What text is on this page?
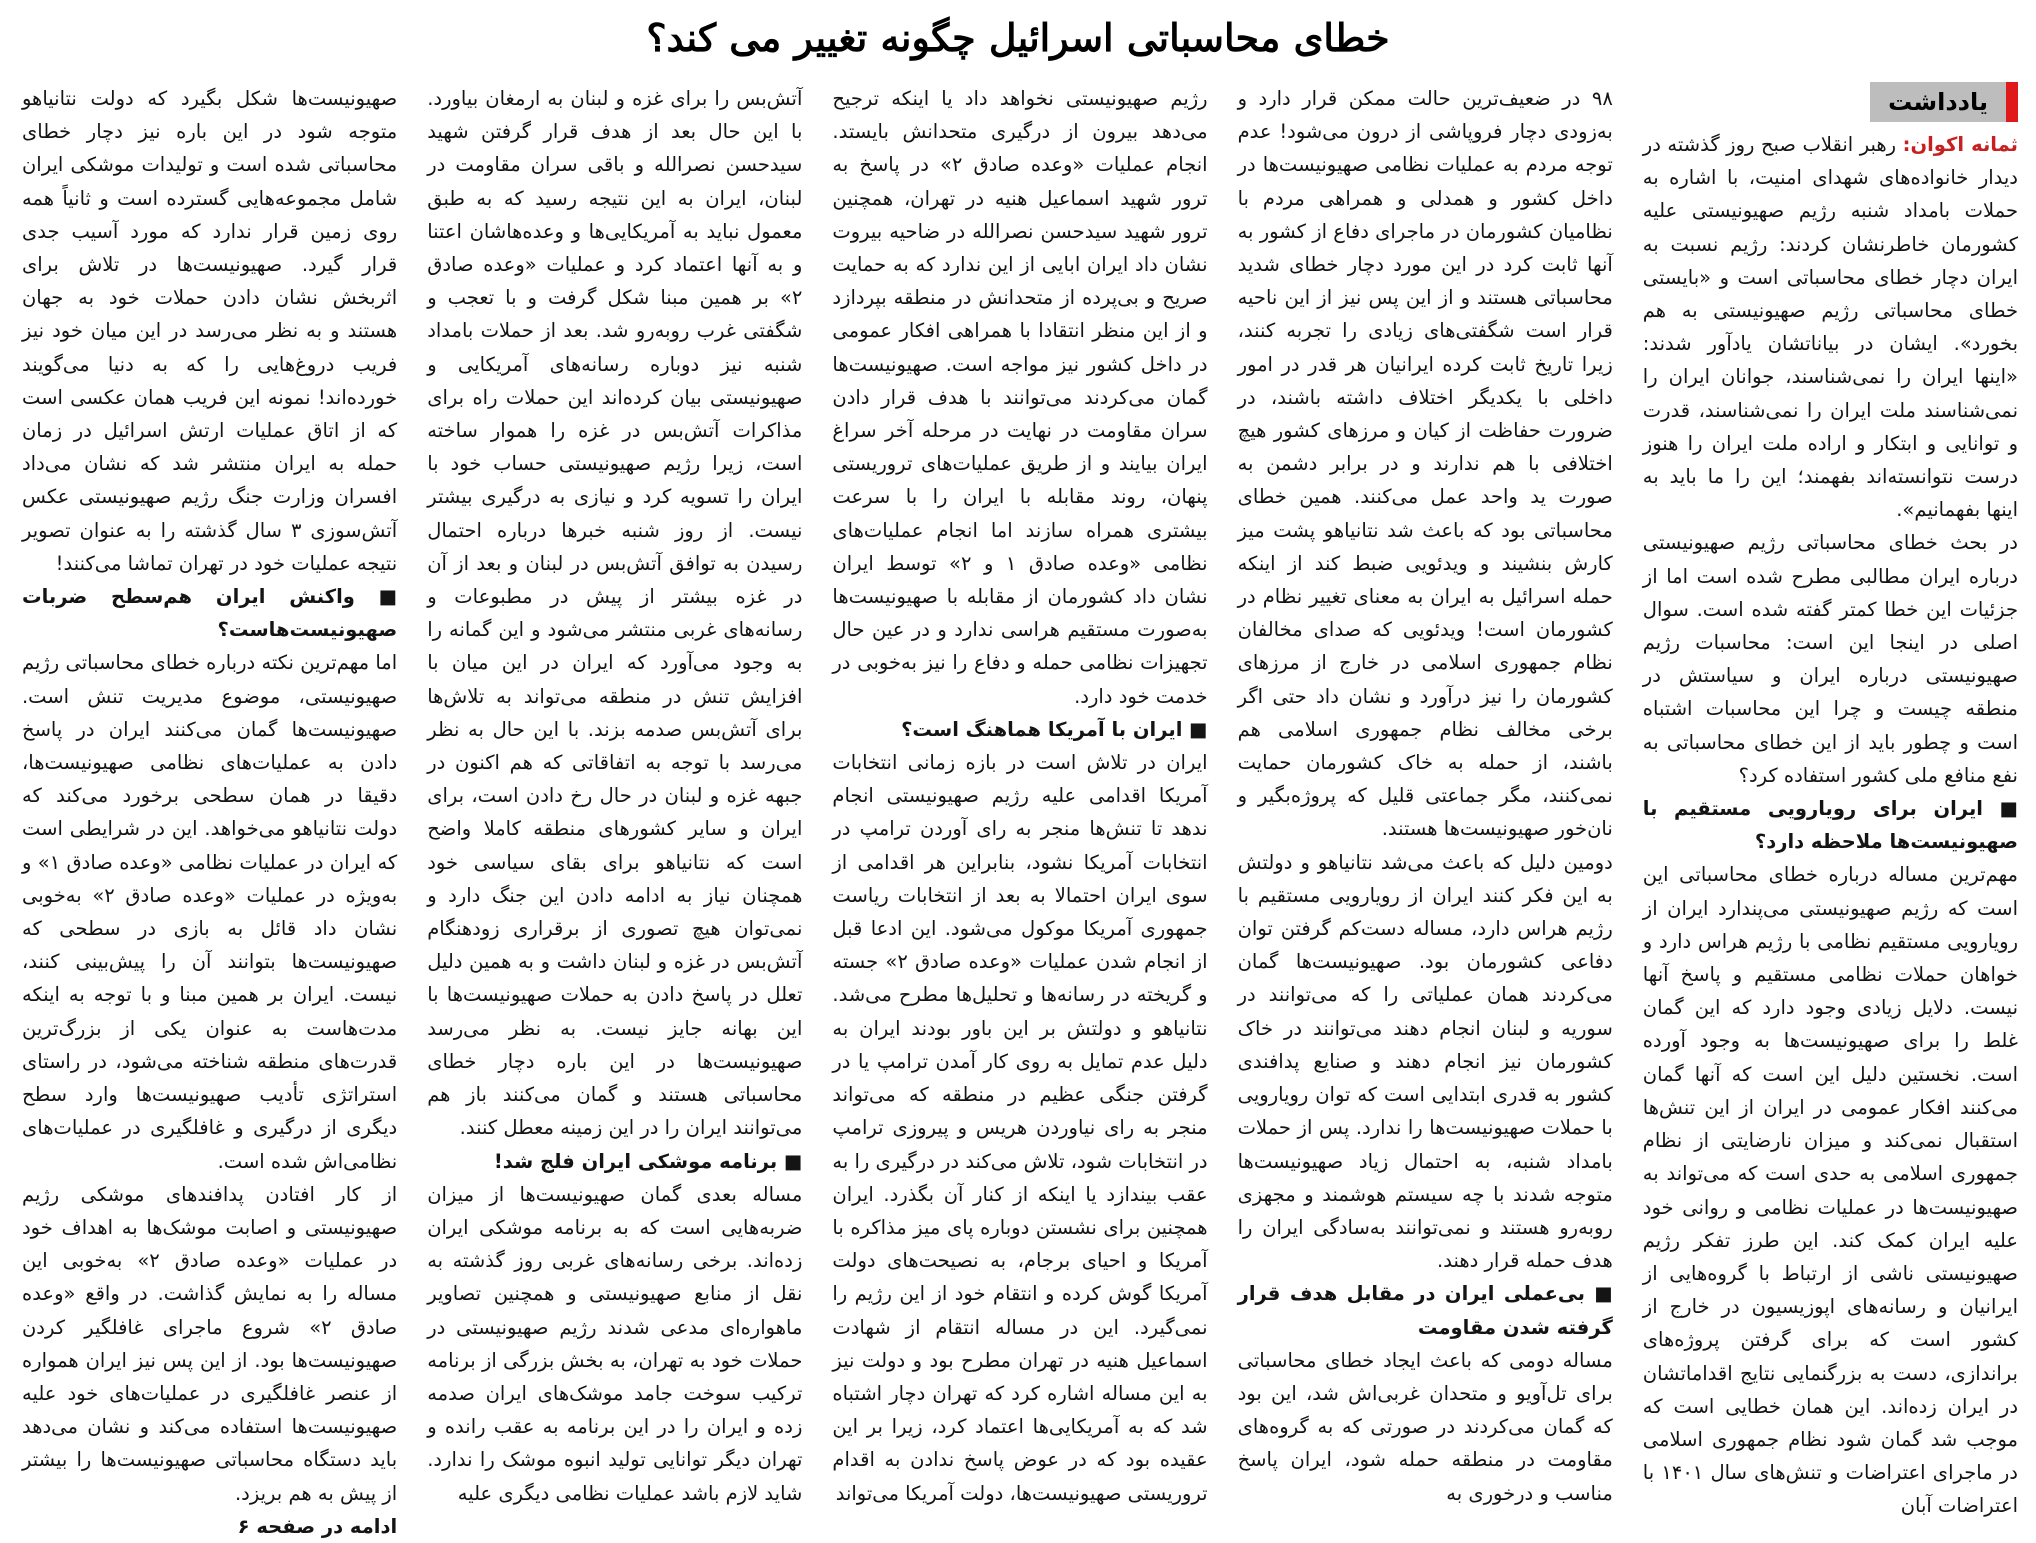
خطای محاسباتی اسرائیل چگونه تغییر می کند؟
یادداشت

ثمانه اکوان: رهبر انقلاب صبح روز گذشته در دیدار خانواده‌های شهدای امنیت، با اشاره به حملات بامداد شنبه رژیم صهیونیستی علیه کشورمان خاطرنشان کردند: رژیم نسبت به ایران دچار خطای محاسباتی است و «بایستی خطای محاسباتی رژیم صهیونیستی به هم بخورد». ایشان در بیاناتشان یادآور شدند: «اینها ایران را نمی‌شناسند، جوانان ایران را نمی‌شناسند ملت ایران را نمی‌شناسند، قدرت و توانایی و ابتکار و اراده ملت ایران را هنوز درست نتوانسته‌اند بفهمند؛ این را ما باید به اینها بفهمانیم».

در بحث خطای محاسباتی رژیم صهیونیستی درباره ایران مطالبی مطرح شده است اما از جزئیات این خطا کمتر گفته شده است. سوال اصلی در اینجا این است: محاسبات رژیم صهیونیستی درباره ایران و سیاستش در منطقه چیست و چرا این محاسبات اشتباه است و چطور باید از این خطای محاسباتی به نفع منافع ملی کشور استفاده کرد؟

■ ایران برای رویارویی مستقیم با صهیونیست‌ها ملاحظه دارد؟

مهم‌ترین مساله درباره خطای محاسباتی این است که رژیم صهیونیستی می‌پندارد ایران از رویارویی مستقیم نظامی با رژیم هراس دارد و خواهان حملات نظامی مستقیم و پاسخ آنها نیست. دلایل زیادی وجود دارد که این گمان غلط را برای صهیونیست‌ها به وجود آورده است. نخستین دلیل این است که آنها گمان می‌کنند افکار عمومی در ایران از این تنش‌ها استقبال نمی‌کند و میزان نارضایتی از نظام جمهوری اسلامی به حدی است که می‌تواند به صهیونیست‌ها در عملیات نظامی و روانی خود علیه ایران کمک کند. این طرز تفکر رژیم صهیونیستی ناشی از ارتباط با گروه‌هایی از ایرانیان و رسانه‌های اپوزیسیون در خارج از کشور است که برای گرفتن پروژه‌های براندازی، دست به بزرگنمایی نتایج اقداماتشان در ایران زده‌اند. این همان خطایی است که موجب شد گمان شود نظام جمهوری اسلامی در ماجرای اعتراضات و تنش‌های سال ۱۴۰۱ با اعتراضات آبان

۹۸ در ضعیف‌ترین حالت ممکن قرار دارد و به‌زودی دچار فروپاشی از درون می‌شود! عدم توجه مردم به عملیات نظامی صهیونیست‌ها در داخل کشور و همدلی و همراهی مردم با نظامیان کشورمان در ماجرای دفاع از کشور به آنها ثابت کرد در این مورد دچار خطای شدید محاسباتی هستند و از این پس نیز از این ناحیه قرار است شگفتی‌های زیادی را تجربه کنند، زیرا تاریخ ثابت کرده ایرانیان هر قدر در امور داخلی با یکدیگر اختلاف داشته باشند، در ضرورت حفاظت از کیان و مرزهای کشور هیچ اختلافی با هم ندارند و در برابر دشمن به صورت ید واحد عمل می‌کنند. همین خطای محاسباتی بود که باعث شد نتانیاهو پشت میز کارش بنشیند و ویدئویی ضبط کند از اینکه حمله اسرائیل به ایران به معنای تغییر نظام در کشورمان است! ویدئویی که صدای مخالفان نظام جمهوری اسلامی در خارج از مرزهای کشورمان را نیز درآورد و نشان داد حتی اگر برخی مخالف نظام جمهوری اسلامی هم باشند، از حمله به خاک کشورمان حمایت نمی‌کنند، مگر جماعتی قلیل که پروژه‌بگیر و نان‌خور صهیونیست‌ها هستند.

دومین دلیل که باعث می‌شد نتانیاهو و دولتش به این فکر کنند ایران از رویارویی مستقیم با رژیم هراس دارد، مساله دست‌کم گرفتن توان دفاعی کشورمان بود. صهیونیست‌ها گمان می‌کردند همان عملیاتی را که می‌توانند در سوریه و لبنان انجام دهند می‌توانند در خاک کشورمان نیز انجام دهند و صنایع پدافندی کشور به قدری ابتدایی است که توان رویارویی با حملات صهیونیست‌ها را ندارد. پس از حملات بامداد شنبه، به احتمال زیاد صهیونیست‌ها متوجه شدند با چه سیستم هوشمند و مجهزی روبه‌رو هستند و نمی‌توانند به‌سادگی ایران را هدف حمله قرار دهند.

■ بی‌عملی ایران در مقابل هدف قرار گرفته شدن مقاومت

مساله دومی که باعث ایجاد خطای محاسباتی برای تل‌آویو و متحدان غربی‌اش شد، این بود که گمان می‌کردند در صورتی که به گروه‌های مقاومت در منطقه حمله شود، ایران پاسخ مناسب و درخوری به

رژیم صهیونیستی نخواهد داد یا اینکه ترجیح می‌دهد بیرون از درگیری متحدانش بایستد. انجام عملیات «وعده صادق ۲» در پاسخ به ترور شهید اسماعیل هنیه در تهران، همچنین ترور شهید سیدحسن نصرالله در ضاحیه بیروت نشان داد ایران ابایی از این ندارد که به حمایت صریح و بی‌پرده از متحدانش در منطقه بپردازد و از این منظر انتقادا با همراهی افکار عمومی در داخل کشور نیز مواجه است. صهیونیست‌ها گمان می‌کردند می‌توانند با هدف قرار دادن سران مقاومت در نهایت در مرحله آخر سراغ ایران بیایند و از طریق عملیات‌های تروریستی پنهان، روند مقابله با ایران را با سرعت بیشتری همراه سازند اما انجام عملیات‌های نظامی «وعده صادق ۱ و ۲» توسط ایران نشان داد کشورمان از مقابله با صهیونیست‌ها به‌صورت مستقیم هراسی ندارد و در عین حال تجهیزات نظامی حمله و دفاع را نیز به‌خوبی در خدمت خود دارد.

■ ایران با آمریکا هماهنگ است؟

ایران در تلاش است در بازه زمانی انتخابات آمریکا اقدامی علیه رژیم صهیونیستی انجام ندهد تا تنش‌ها منجر به رای آوردن ترامپ در انتخابات آمریکا نشود، بنابراین هر اقدامی از سوی ایران احتمالا به بعد از انتخابات ریاست جمهوری آمریکا موکول می‌شود. این ادعا قبل از انجام شدن عملیات «وعده صادق ۲» جسته و گریخته در رسانه‌ها و تحلیل‌ها مطرح می‌شد. نتانیاهو و دولتش بر این باور بودند ایران به دلیل عدم تمایل به روی کار آمدن ترامپ یا در گرفتن جنگی عظیم در منطقه که می‌تواند منجر به رای نیاوردن هریس و پیروزی ترامپ در انتخابات شود، تلاش می‌کند در درگیری را به عقب بیندازد یا اینکه از کنار آن بگذرد. ایران همچنین برای نشستن دوباره پای میز مذاکره با آمریکا و احیای برجام، به نصیحت‌های دولت آمریکا گوش کرده و انتقام خود از این رژیم را نمی‌گیرد. این در مساله انتقام از شهادت اسماعیل هنیه در تهران مطرح بود و دولت نیز به این مساله اشاره کرد که تهران دچار اشتباه شد که به آمریکایی‌ها اعتماد کرد، زیرا بر این عقیده بود که در عوض پاسخ ندادن به اقدام تروریستی صهیونیست‌ها، دولت آمریکا می‌تواند

آتش‌بس را برای غزه و لبنان به ارمغان بیاورد. با این حال بعد از هدف قرار گرفتن شهید سیدحسن نصرالله و باقی سران مقاومت در لبنان، ایران به این نتیجه رسید که به طبق معمول نباید به آمریکایی‌ها و وعده‌هاشان اعتنا و به آنها اعتماد کرد و عملیات «وعده صادق ۲» بر همین مبنا شکل گرفت و با تعجب و شگفتی غرب روبه‌رو شد. بعد از حملات بامداد شنبه نیز دوباره رسانه‌های آمریکایی و صهیونیستی بیان کرده‌اند این حملات راه برای مذاکرات آتش‌بس در غزه را هموار ساخته است، زیرا رژیم صهیونیستی حساب خود با ایران را تسویه کرد و نیازی به درگیری بیشتر نیست. از روز شنبه خبرها درباره احتمال رسیدن به توافق آتش‌بس در لبنان و بعد از آن در غزه بیشتر از پیش در مطبوعات و رسانه‌های غربی منتشر می‌شود و این گمانه را به وجود می‌آورد که ایران در این میان با افزایش تنش در منطقه می‌تواند به تلاش‌ها برای آتش‌بس صدمه بزند. با این حال به نظر می‌رسد با توجه به اتفاقاتی که هم اکنون در جبهه غزه و لبنان در حال رخ دادن است، برای ایران و سایر کشورهای منطقه کاملا واضح است که نتانیاهو برای بقای سیاسی خود همچنان نیاز به ادامه دادن این جنگ دارد و نمی‌توان هیچ تصوری از برقراری زودهنگام آتش‌بس در غزه و لبنان داشت و به همین دلیل تعلل در پاسخ دادن به حملات صهیونیست‌ها با این بهانه جایز نیست. به نظر می‌رسد صهیونیست‌ها در این باره دچار خطای محاسباتی هستند و گمان می‌کنند باز هم می‌توانند ایران را در این زمینه معطل کنند.

■ برنامه موشکی ایران فلج شد!

مساله بعدی گمان صهیونیست‌ها از میزان ضربه‌هایی است که به برنامه موشکی ایران زده‌اند. برخی رسانه‌های غربی روز گذشته به نقل از منابع صهیونیستی و همچنین تصاویر ماهواره‌ای مدعی شدند رژیم صهیونیستی در حملات خود به تهران، به بخش بزرگی از برنامه ترکیب سوخت جامد موشک‌های ایران صدمه زده و ایران را در این برنامه به عقب رانده و تهران دیگر توانایی تولید انبوه موشک را ندارد. شاید لازم باشد عملیات نظامی دیگری علیه

صهیونیست‌ها شکل بگیرد که دولت نتانیاهو متوجه شود در این باره نیز دچار خطای محاسباتی شده است و تولیدات موشکی ایران شامل مجموعه‌هایی گسترده است و ثانیاً همه روی زمین قرار ندارد که مورد آسیب جدی قرار گیرد. صهیونیست‌ها در تلاش برای اثربخش نشان دادن حملات خود به جهان هستند و به نظر می‌رسد در این میان خود نیز فریب دروغ‌هایی را که به دنیا می‌گویند خورده‌اند! نمونه این فریب همان عکسی است که از اتاق عملیات ارتش اسرائیل در زمان حمله به ایران منتشر شد که نشان می‌داد افسران وزارت جنگ رژیم صهیونیستی عکس آتش‌سوزی ۳ سال گذشته را به عنوان تصویر نتیجه عملیات خود در تهران تماشا می‌کنند!

■ واکنش ایران هم‌سطح ضربات صهیونیست‌هاست؟

اما مهم‌ترین نکته درباره خطای محاسباتی رژیم صهیونیستی، موضوع مدیریت تنش است. صهیونیست‌ها گمان می‌کنند ایران در پاسخ دادن به عملیات‌های نظامی صهیونیست‌ها، دقیقا در همان سطحی برخورد می‌کند که دولت نتانیاهو می‌خواهد. این در شرایطی است که ایران در عملیات نظامی «وعده صادق ۱» و به‌ویژه در عملیات «وعده صادق ۲» به‌خوبی نشان داد قائل به بازی در سطحی که صهیونیست‌ها بتوانند آن را پیش‌بینی کنند، نیست. ایران بر همین مبنا و با توجه به اینکه مدت‌هاست به عنوان یکی از بزرگ‌ترین قدرت‌های منطقه شناخته می‌شود، در راستای استراتژی تأدیب صهیونیست‌ها وارد سطح دیگری از درگیری و غافلگیری در عملیات‌های نظامی‌اش شده است.

از کار افتادن پدافندهای موشکی رژیم صهیونیستی و اصابت موشک‌ها به اهداف خود در عملیات «وعده صادق ۲» به‌خوبی این مساله را به نمایش گذاشت. در واقع «وعده صادق ۲» شروع ماجرای غافلگیر کردن صهیونیست‌ها بود. از این پس نیز ایران همواره از عنصر غافلگیری در عملیات‌های خود علیه صهیونیست‌ها استفاده می‌کند و نشان می‌دهد باید دستگاه محاسباتی صهیونیست‌ها را بیشتر از پیش به هم بریزد.

ادامه در صفحه ۶
